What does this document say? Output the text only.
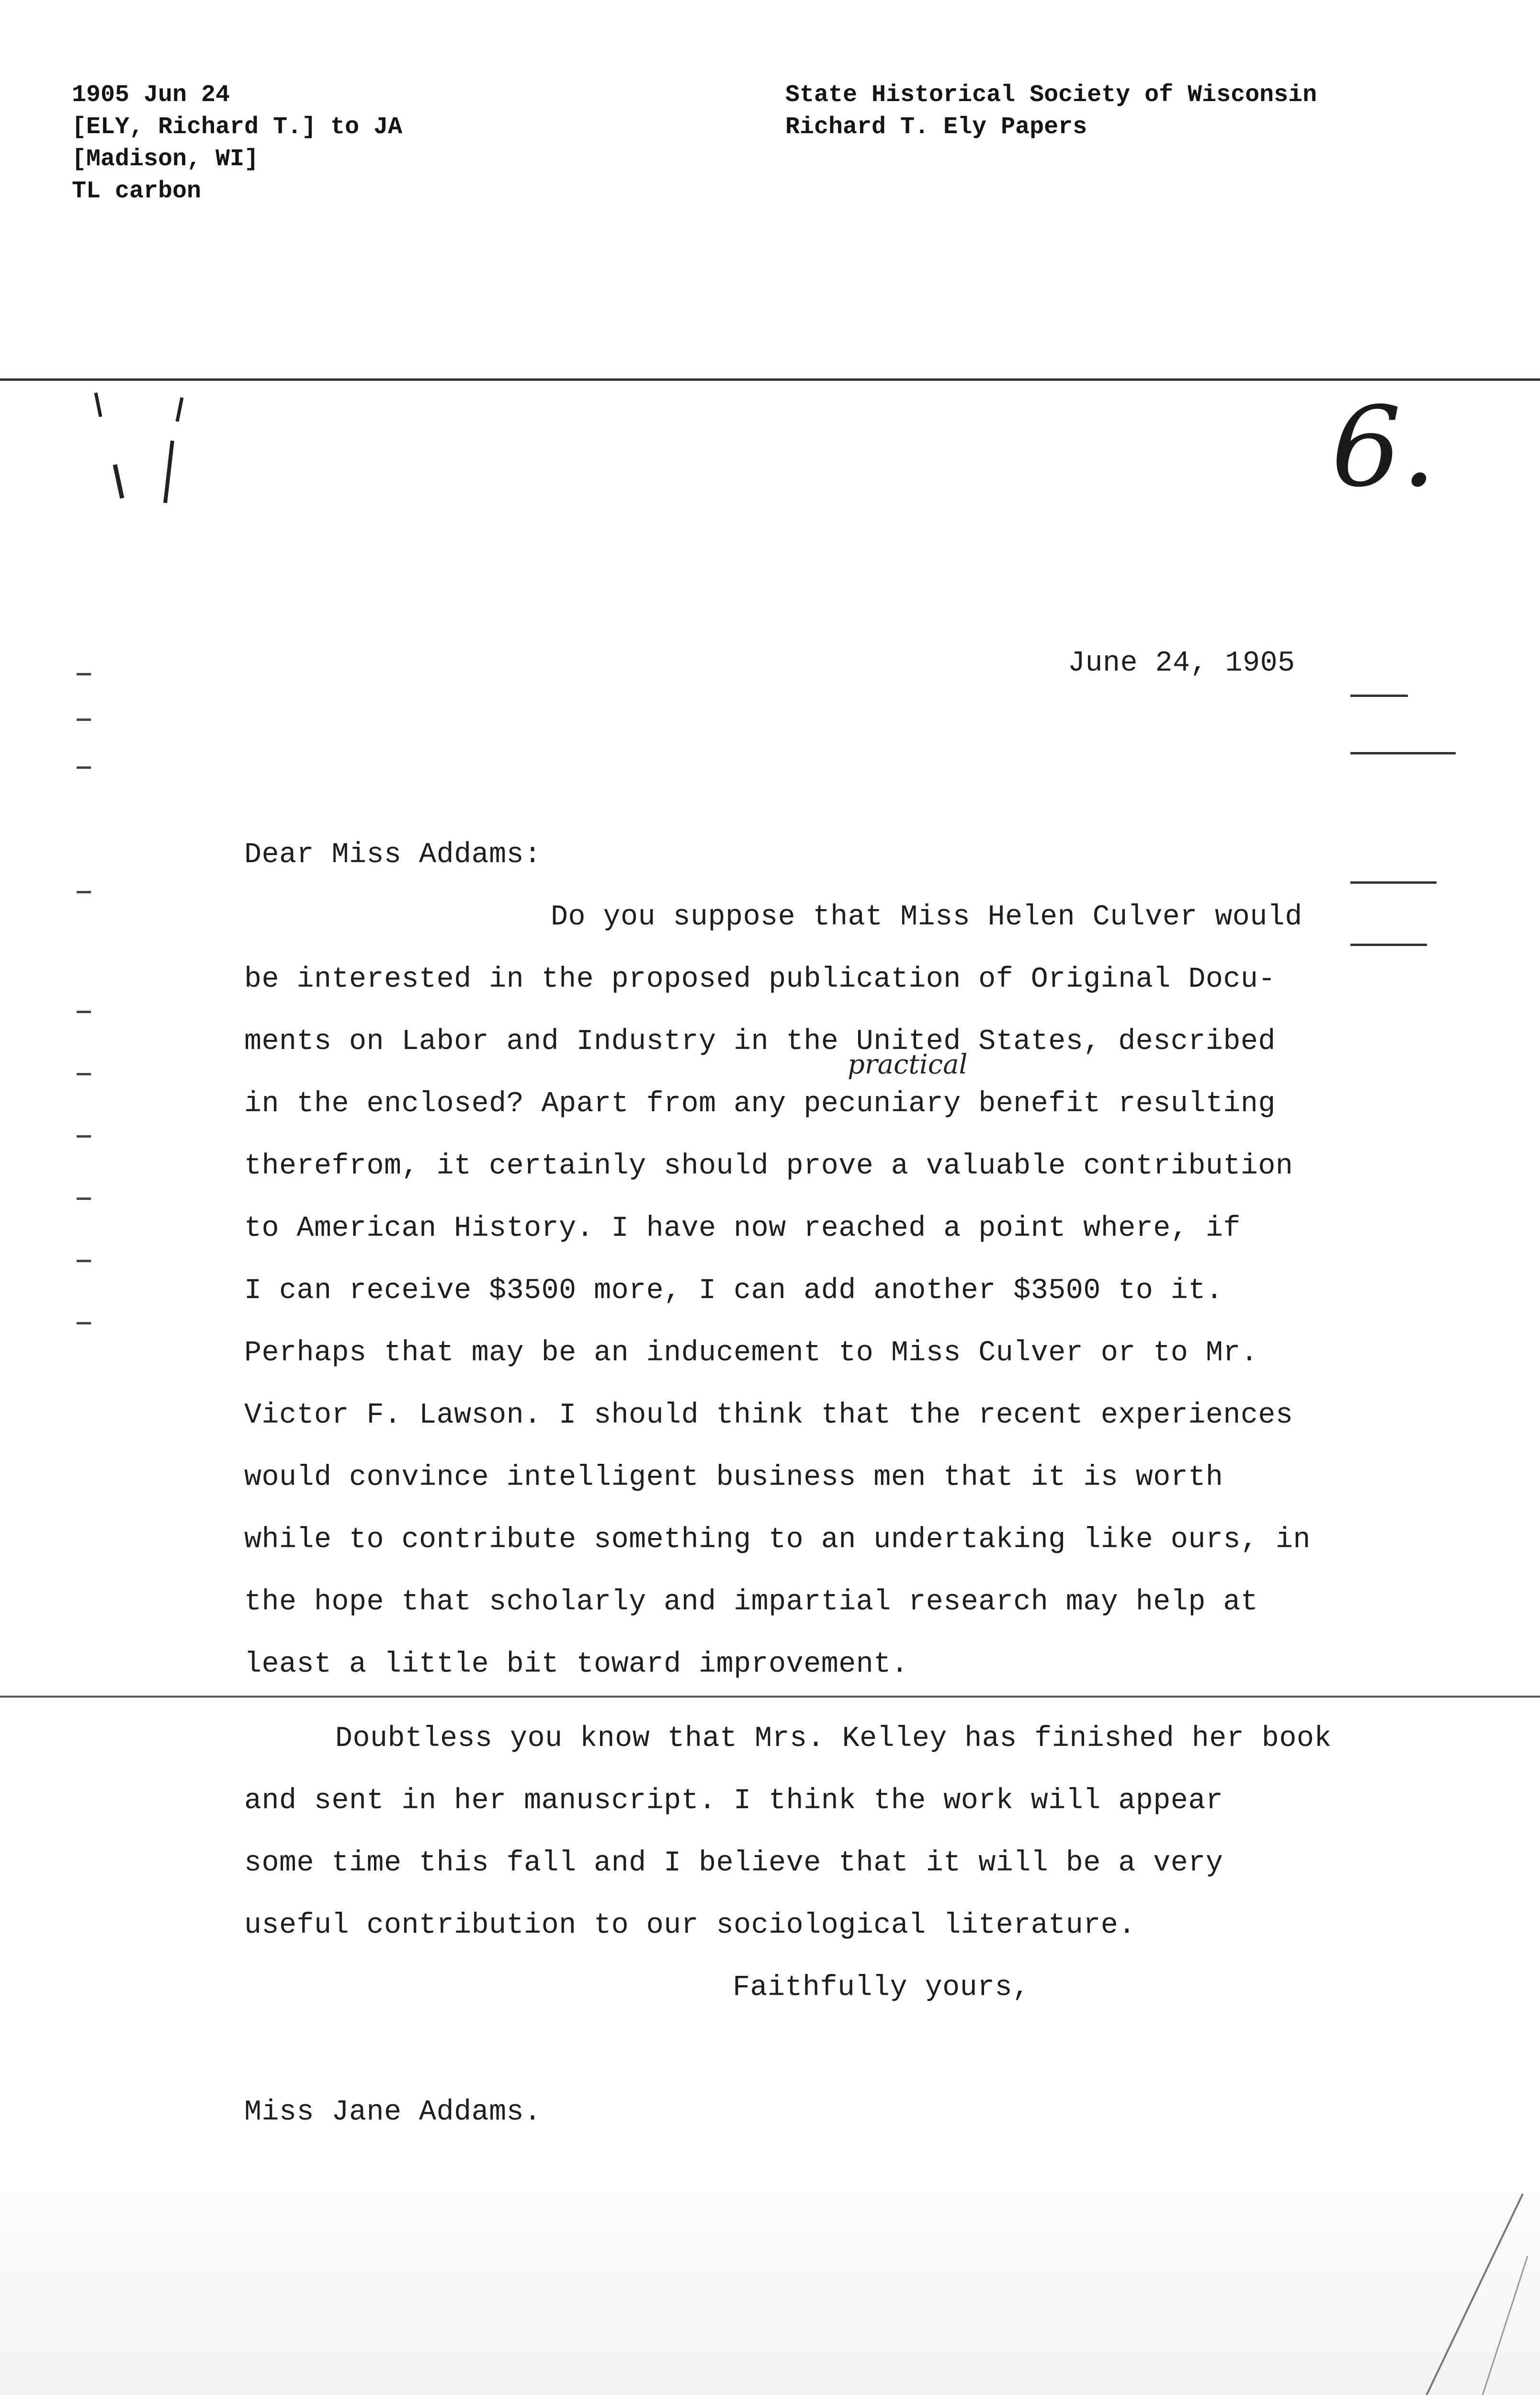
1905 Jun 24
[ELY, Richard T.] to JA
[Madison, WI]
TL carbon
State Historical Society of Wisconsin
Richard T. Ely Papers
6.
June 24, 1905
Dear Miss Addams:
Do you suppose that Miss Helen Culver would
be interested in the proposed publication of Original Docu-
ments on Labor and Industry in the United States, described
in the enclosed? Apart from any pecuniary benefit resulting
therefrom, it certainly should prove a valuable contribution
to American History. I have now reached a point where, if
I can receive $3500 more, I can add another $3500 to it.
Perhaps that may be an inducement to Miss Culver or to Mr.
Victor F. Lawson. I should think that the recent experiences
would convince intelligent business men that it is worth
while to contribute something to an undertaking like ours, in
the hope that scholarly and impartial research may help at
least a little bit toward improvement.
practical
Doubtless you know that Mrs. Kelley has finished her book
and sent in her manuscript. I think the work will appear
some time this fall and I believe that it will be a very
useful contribution to our sociological literature.
Faithfully yours,
Miss Jane Addams.
